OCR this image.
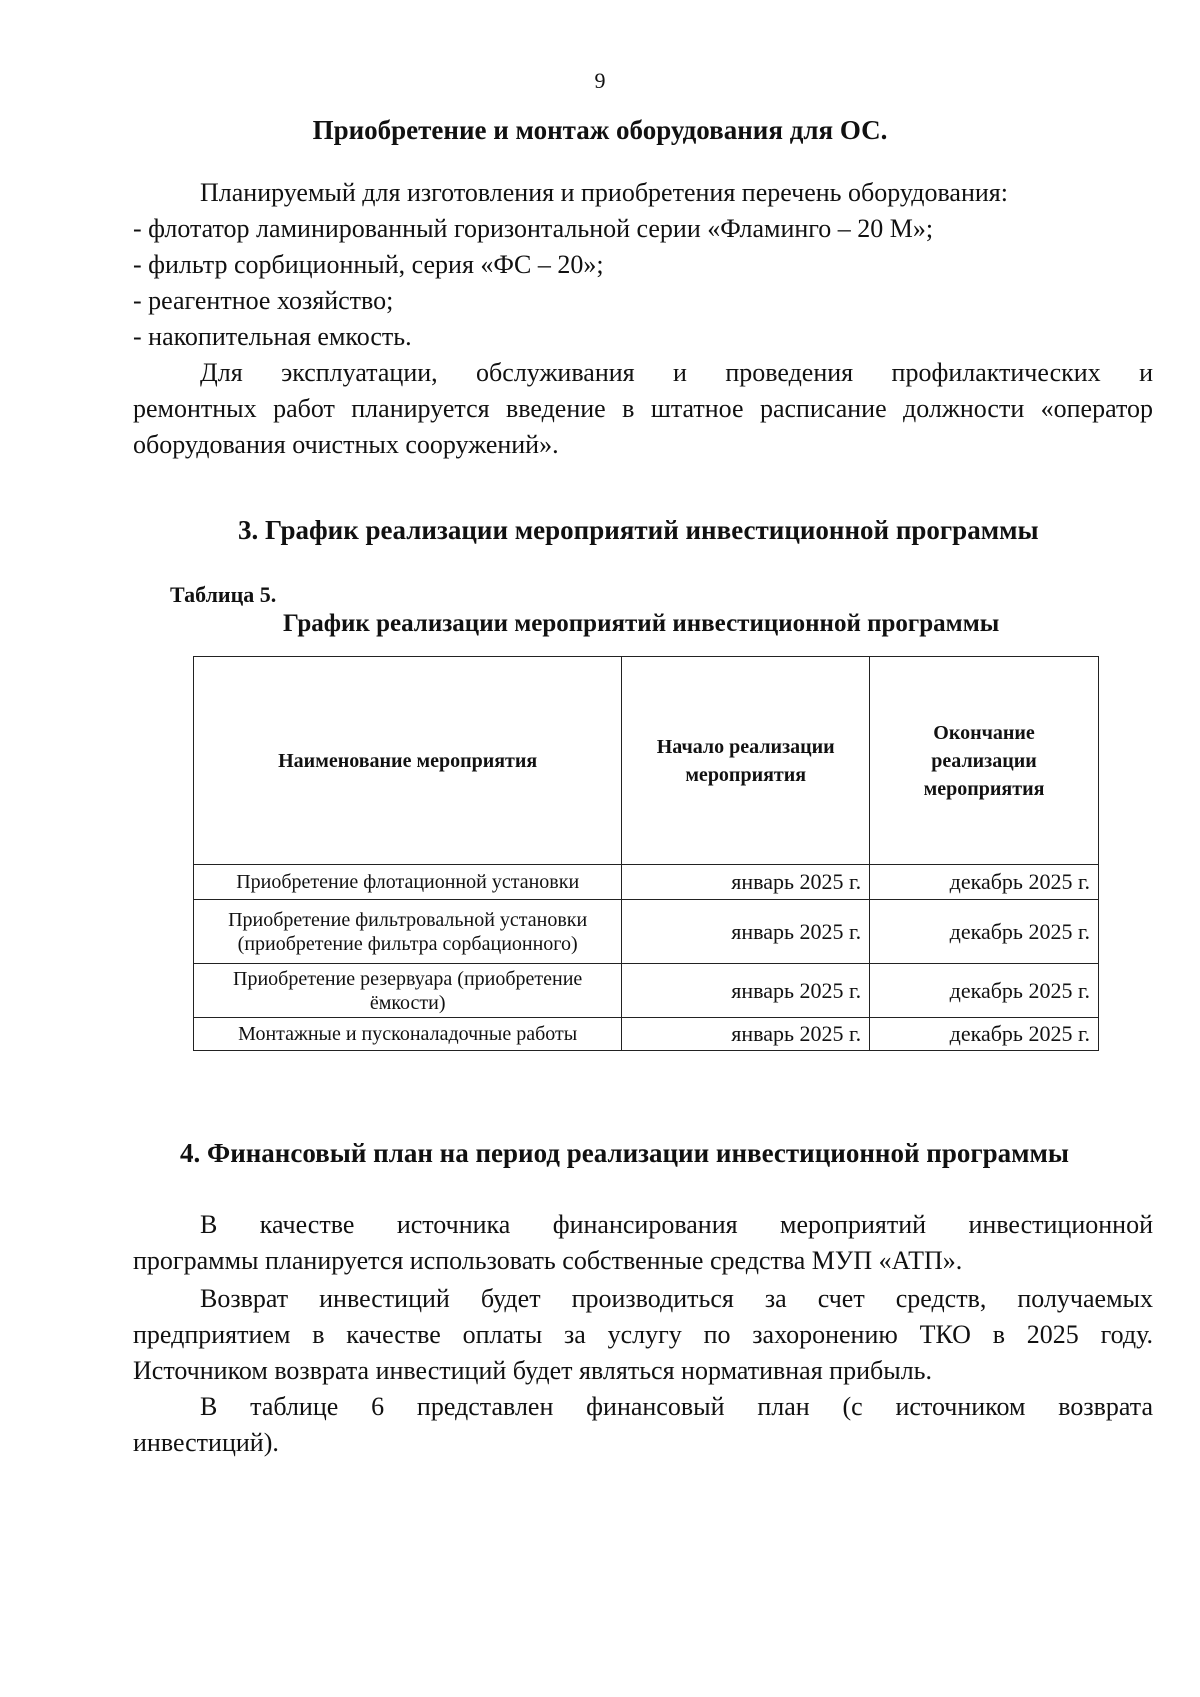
9
Приобретение и монтаж оборудования для ОС.
Планируемый для изготовления и приобретения перечень оборудования:
- флотатор ламинированный горизонтальной серии «Фламинго – 20 М»;
- фильтр сорбиционный, серия «ФС – 20»;
- реагентное хозяйство;
- накопительная емкость.
Для эксплуатации, обслуживания и проведения профилактических и
ремонтных работ планируется введение в штатное расписание должности «оператор
оборудования очистных сооружений».
3. График реализации мероприятий инвестиционной программы
Таблица 5.
График реализации мероприятий инвестиционной программы
Наименование мероприятия	Начало реализации мероприятия	Окончание реализации мероприятия
Приобретение флотационной установки	январь 2025 г.	декабрь 2025 г.
Приобретение фильтровальной установки (приобретение фильтра сорбационного)	январь 2025 г.	декабрь 2025 г.
Приобретение резервуара (приобретение ёмкости)	январь 2025 г.	декабрь 2025 г.
Монтажные и пусконаладочные работы	январь 2025 г.	декабрь 2025 г.
4. Финансовый план на период реализации инвестиционной программы
В качестве источника финансирования мероприятий инвестиционной
программы планируется использовать собственные средства МУП «АТП».
Возврат инвестиций будет производиться за счет средств, получаемых
предприятием в качестве оплаты за услугу по захоронению ТКО в 2025 году.
Источником возврата инвестиций будет являться нормативная прибыль.
В таблице 6 представлен финансовый план (с источником возврата
инвестиций).
